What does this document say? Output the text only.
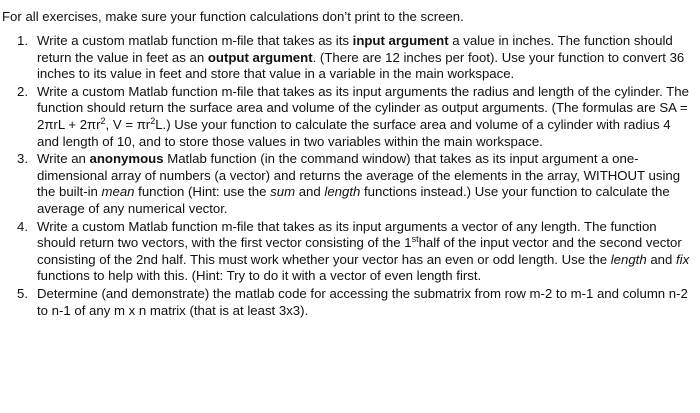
For all exercises, make sure your function calculations don’t print to the screen.

1. Write a custom matlab function m-file that takes as its input argument a value in inches. The function should return the value in feet as an output argument. (There are 12 inches per foot). Use your function to convert 36 inches to its value in feet and store that value in a variable in the main workspace.
2. Write a custom Matlab function m-file that takes as its input arguments the radius and length of the cylinder. The function should return the surface area and volume of the cylinder as output arguments. (The formulas are SA = $2\pi rL + 2\pi r^2$, $V = \pi r^2L$.) Use your function to calculate the surface area and volume of a cylinder with radius 4 and length of 10, and to store those values in two variables within the main workspace.
3. Write an anonymous Matlab function (in the command window) that takes as its input argument a one-dimensional array of numbers (a vector) and returns the average of the elements in the array, WITHOUT using the built-in mean function (Hint: use the sum and length functions instead.) Use your function to calculate the average of any numerical vector.
4. Write a custom Matlab function m-file that takes as its input arguments a vector of any length. The function should return two vectors, with the first vector consisting of the 1sthalf of the input vector and the second vector consisting of the 2nd half. This must work whether your vector has an even or odd length. Use the length and fix functions to help with this. (Hint: Try to do it with a vector of even length first.
5. Determine (and demonstrate) the matlab code for accessing the submatrix from row m-2 to m-1 and column n-2 to n-1 of any m x n matrix (that is at least 3x3).
